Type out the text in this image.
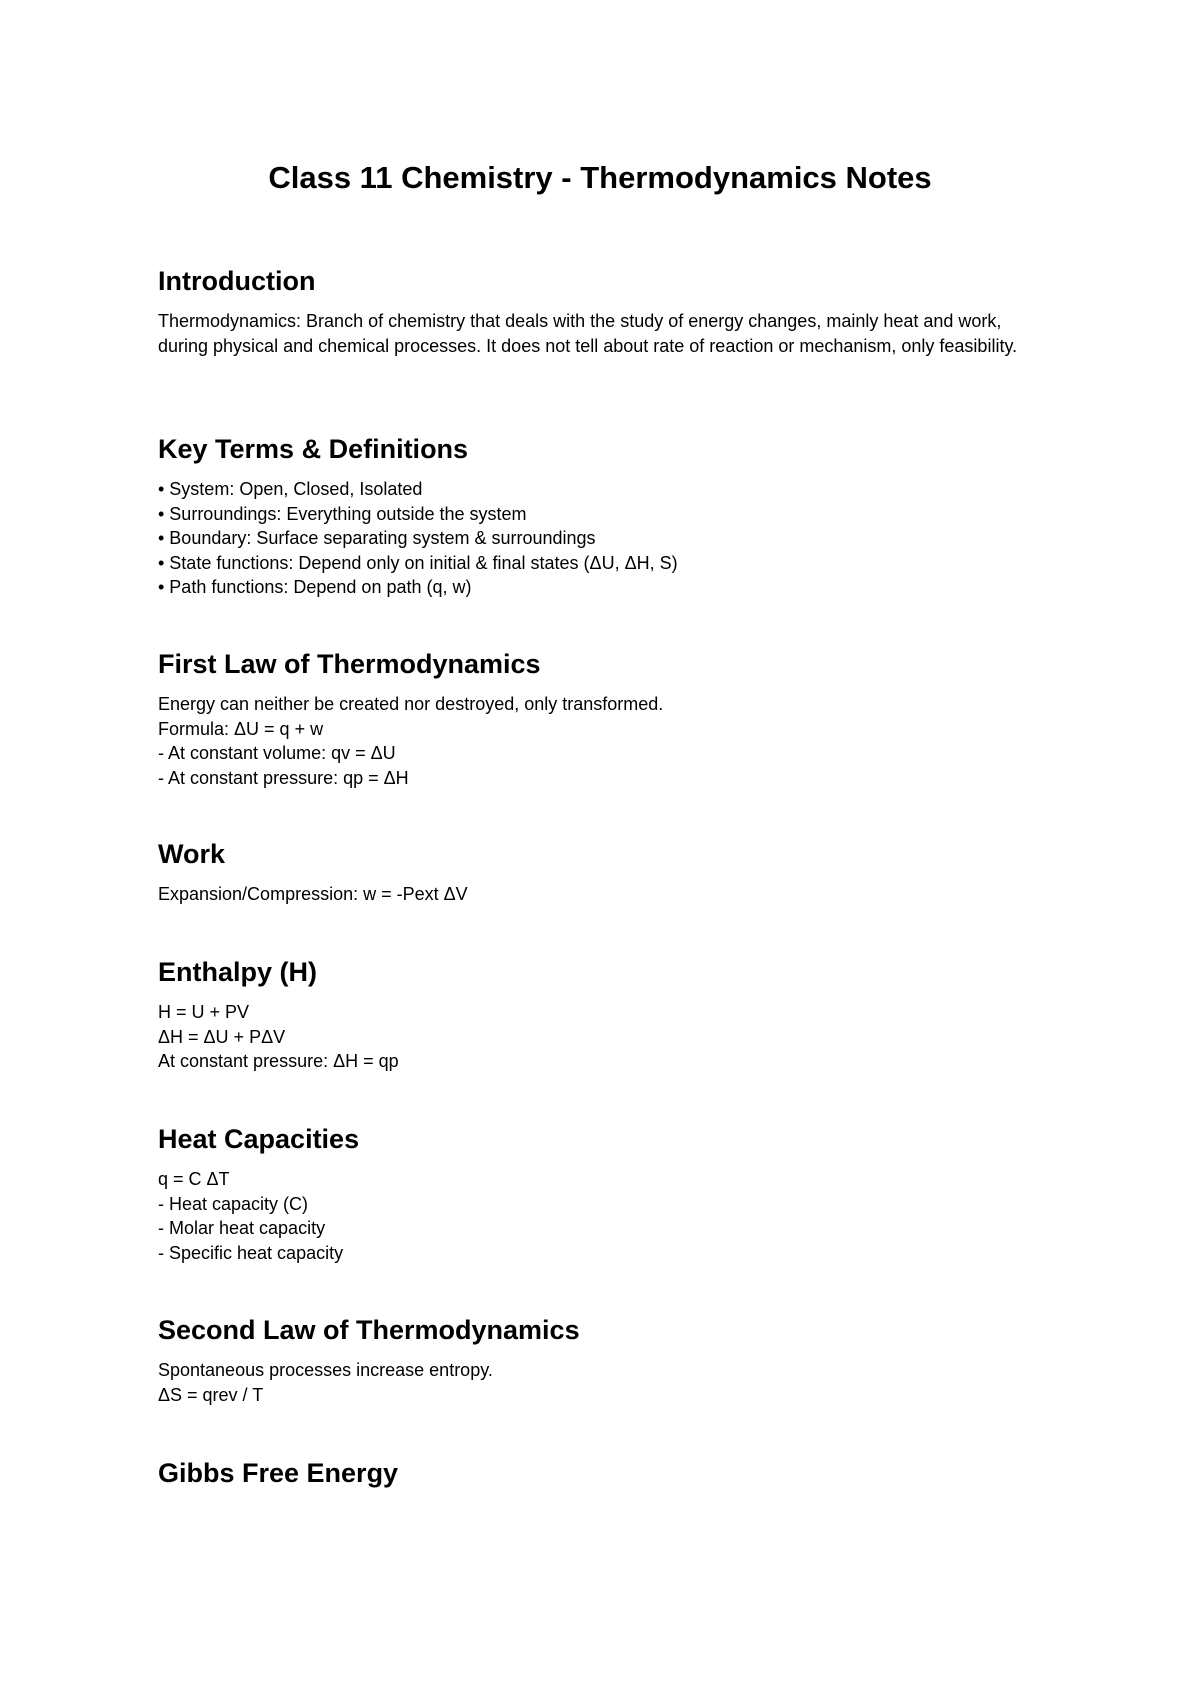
Class 11 Chemistry - Thermodynamics Notes
Introduction

Thermodynamics: Branch of chemistry that deals with the study of energy changes, mainly heat and work, during physical and chemical processes. It does not tell about rate of reaction or mechanism, only feasibility.

Key Terms & Definitions
• System: Open, Closed, Isolated
• Surroundings: Everything outside the system
• Boundary: Surface separating system & surroundings
• State functions: Depend only on initial & final states (ΔU, ΔH, S)
• Path functions: Depend on path (q, w)
First Law of Thermodynamics
Energy can neither be created nor destroyed, only transformed.
Formula: ΔU = q + w
- At constant volume: qv = ΔU
- At constant pressure: qp = ΔH
Work
Expansion/Compression: w = -Pext ΔV
Enthalpy (H)
H = U + PV
ΔH = ΔU + PΔV
At constant pressure: ΔH = qp
Heat Capacities
q = C ΔT
- Heat capacity (C)
- Molar heat capacity
- Specific heat capacity
Second Law of Thermodynamics
Spontaneous processes increase entropy.
ΔS = qrev / T
Gibbs Free Energy
